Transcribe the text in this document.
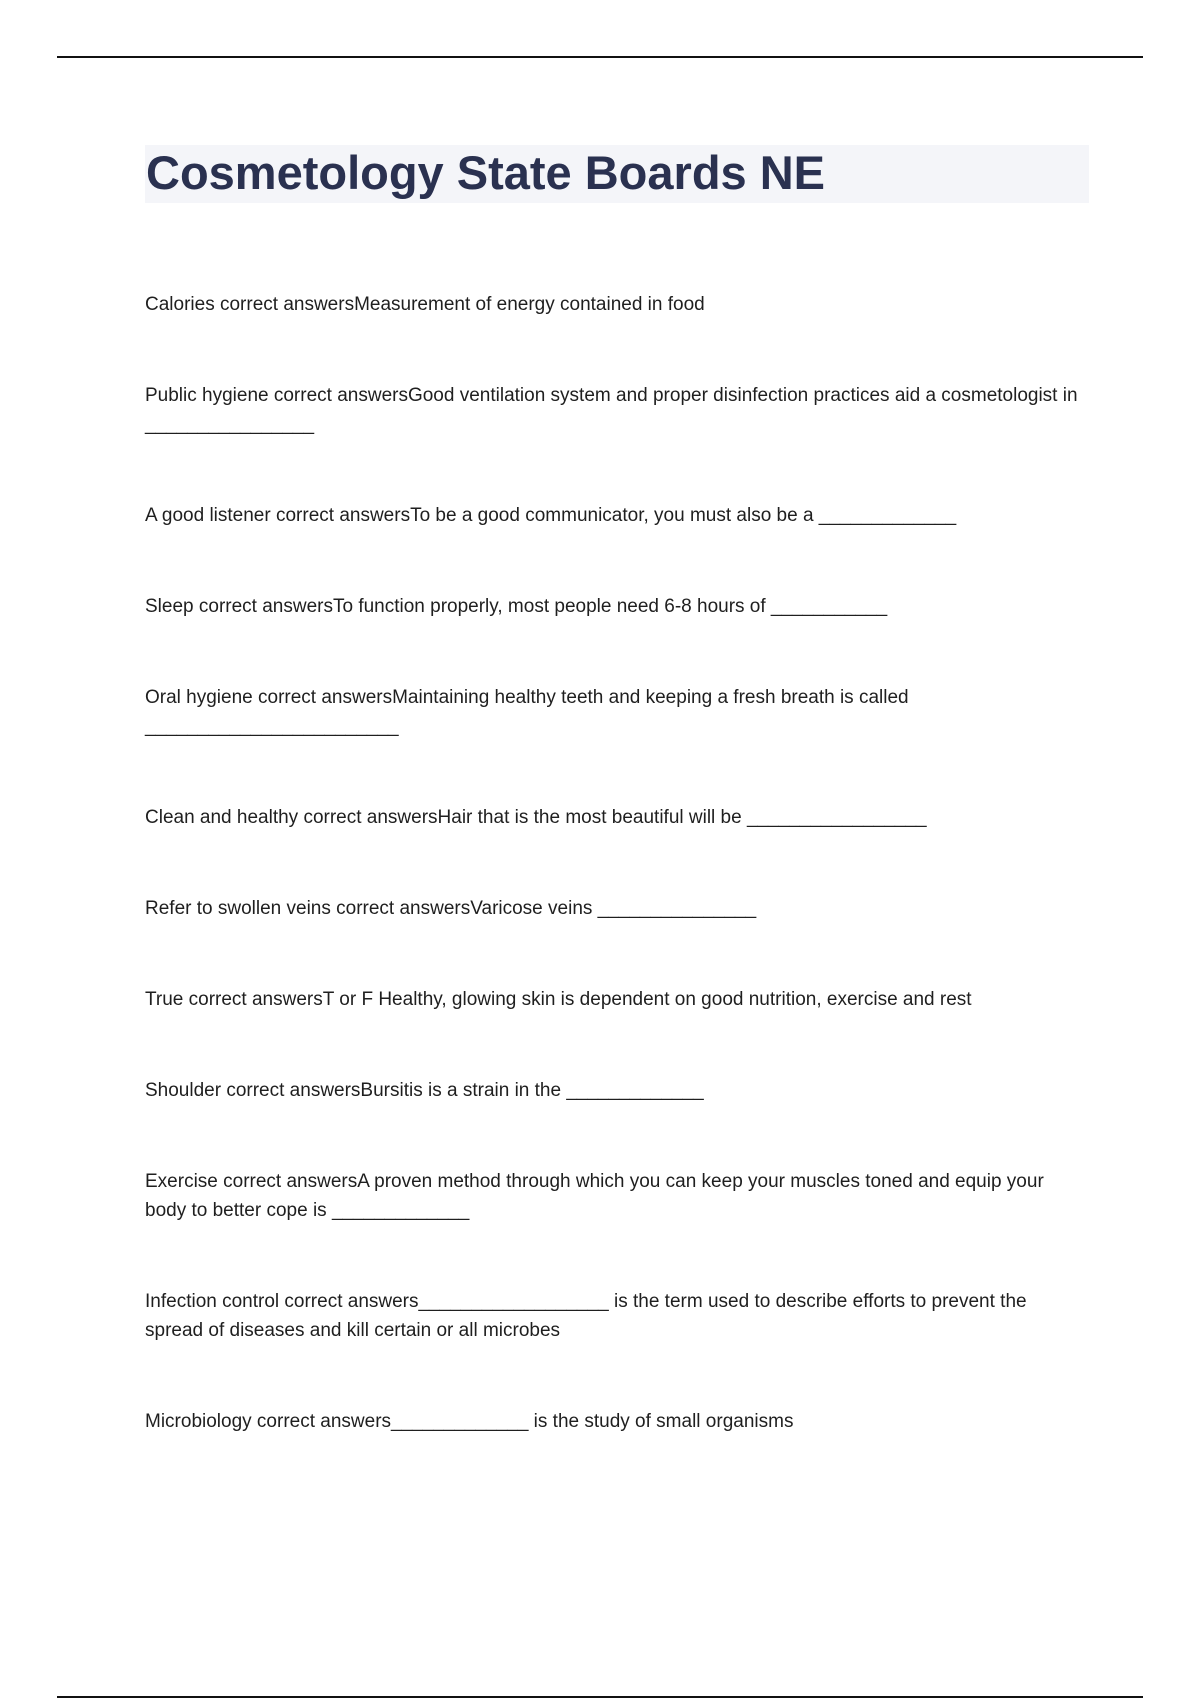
Cosmetology State Boards NE

Calories correct answersMeasurement of energy contained in food

Public hygiene correct answersGood ventilation system and proper disinfection practices aid a cosmetologist in ________________

A good listener correct answersTo be a good communicator, you must also be a _____________

Sleep correct answersTo function properly, most people need 6-8 hours of ___________

Oral hygiene correct answersMaintaining healthy teeth and keeping a fresh breath is called ________________________

Clean and healthy correct answersHair that is the most beautiful will be _________________

Refer to swollen veins correct answersVaricose veins _______________

True correct answersT or F Healthy, glowing skin is dependent on good nutrition, exercise and rest

Shoulder correct answersBursitis is a strain in the _____________

Exercise correct answersA proven method through which you can keep your muscles toned and equip your body to better cope is _____________

Infection control correct answers__________________ is the term used to describe efforts to prevent the spread of diseases and kill certain or all microbes

Microbiology correct answers_____________ is the study of small organisms
